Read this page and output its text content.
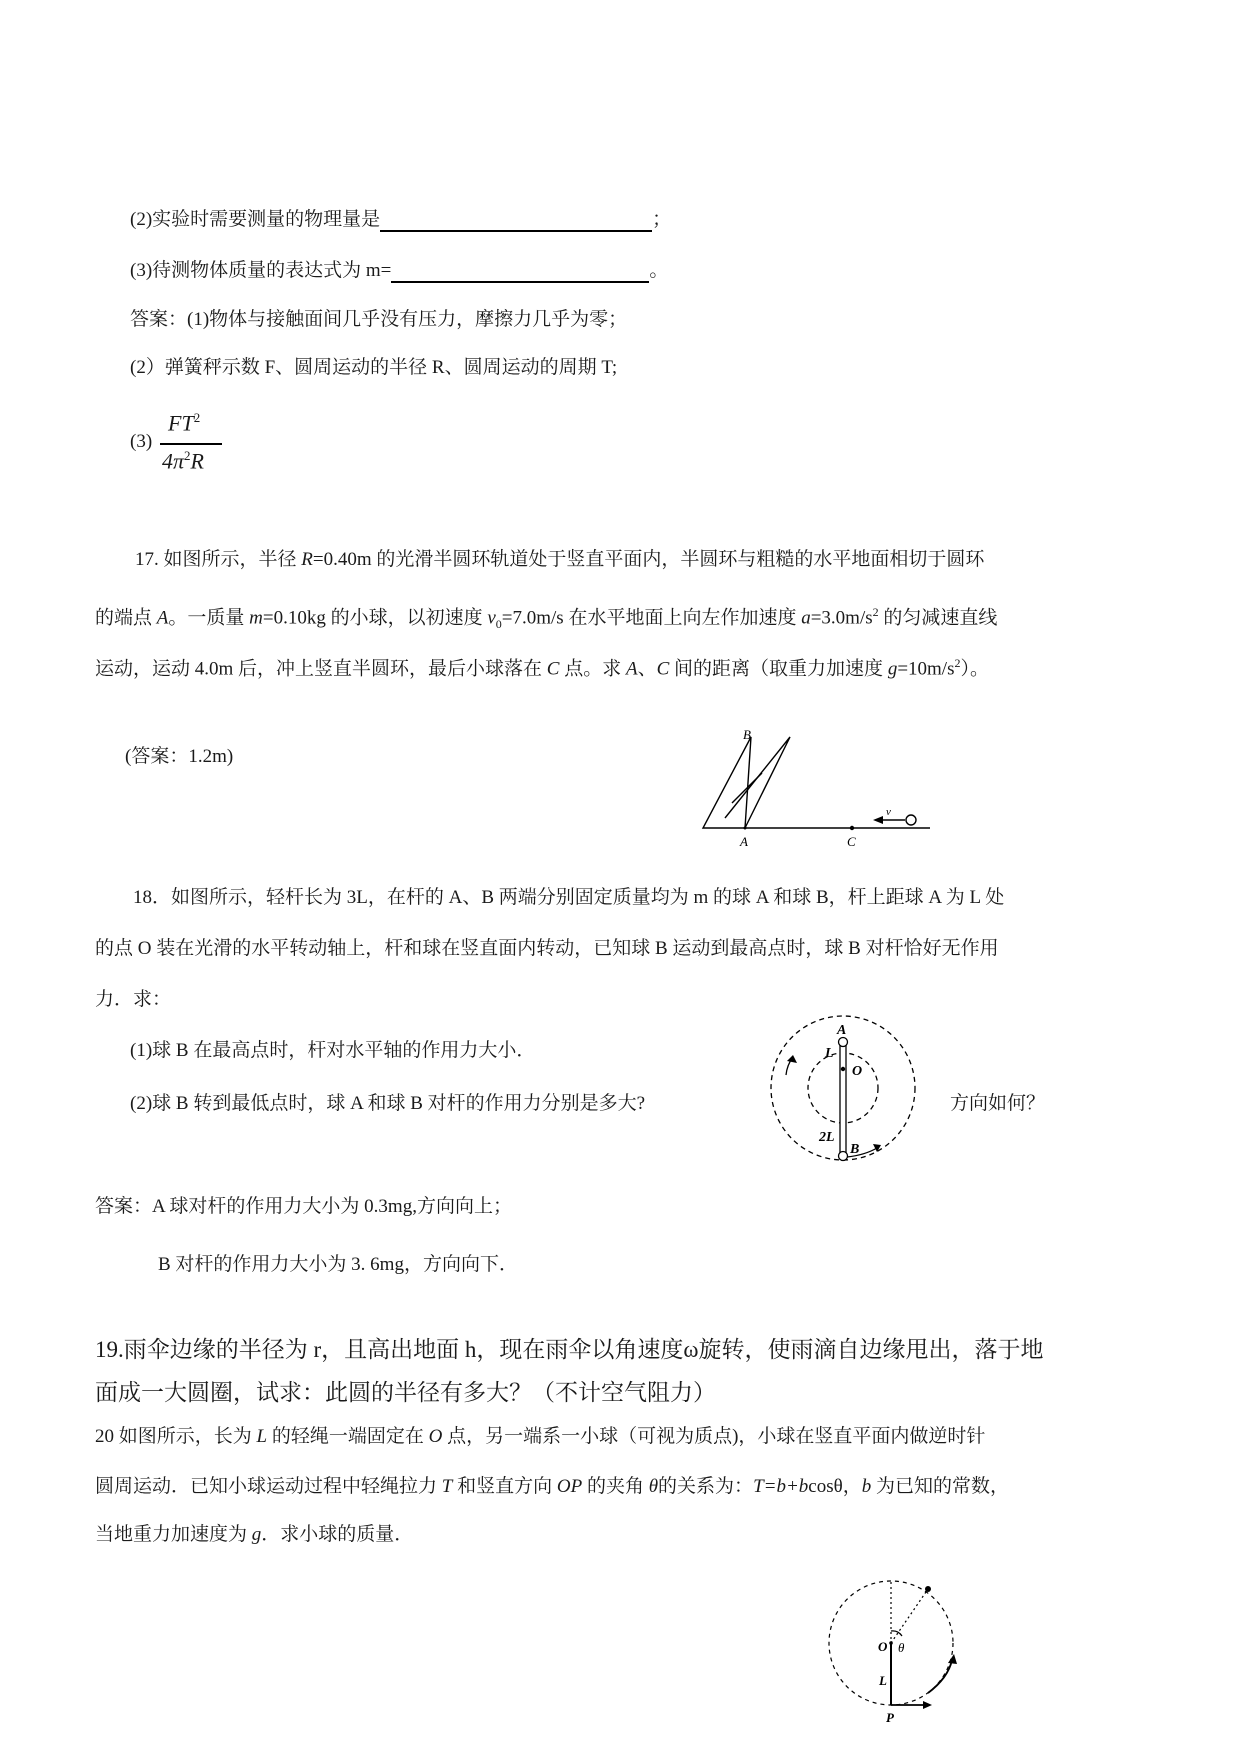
(2)实验时需要测量的物理量是	；
(3)待测物体质量的表达式为 m=	。
答案：(1)物体与接触面间几乎没有压力，摩擦力几乎为零；
(2）弹簧秤示数 F、圆周运动的半径 R、圆周运动的周期 T;
(3)
$FT^2$
$4\pi^2R$
17. 如图所示，半径 R=0.40m 的光滑半圆环轨道处于竖直平面内，半圆环与粗糙的水平地面相切于圆环
的端点 A。一质量 m=0.10kg 的小球，以初速度 $v_0=7.0m/s$ 在水平地面上向左作加速度 $a=3.0m/s^2$ 的匀减速直线
运动，运动 4.0m 后，冲上竖直半圆环，最后小球落在 C 点。求 A、C 间的距离（取重力加速度 $g=10m/s^2$）。
(答案：1.2m)
B
A	C
v
18．如图所示，轻杆长为 3L，在杆的 A、B 两端分别固定质量均为 m 的球 A 和球 B，杆上距球 A 为 L 处
的点 O 装在光滑的水平转动轴上，杆和球在竖直面内转动，已知球 B 运动到最高点时，球 B 对杆恰好无作用
力．求：
(1)球 B 在最高点时，杆对水平轴的作用力大小．
(2)球 B 转到最低点时，球 A 和球 B 对杆的作用力分别是多大?	方向如何？
A
L
O
2L
B
答案：A 球对杆的作用力大小为 0.3mg,方向向上；
B 对杆的作用力大小为 3. 6mg，方向向下．
19.雨伞边缘的半径为 r，且高出地面 h，现在雨伞以角速度ω旋转，使雨滴自边缘甩出，落于地
面成一大圆圈，试求：此圆的半径有多大？（不计空气阻力）
20 如图所示，长为 L 的轻绳一端固定在 O 点，另一端系一小球（可视为质点)，小球在竖直平面内做逆时针
圆周运动．已知小球运动过程中轻绳拉力 T 和竖直方向 OP 的夹角 θ的关系为：T=b+bcosθ，b 为已知的常数，
当地重力加速度为 g．求小球的质量．
O θ
L
P
